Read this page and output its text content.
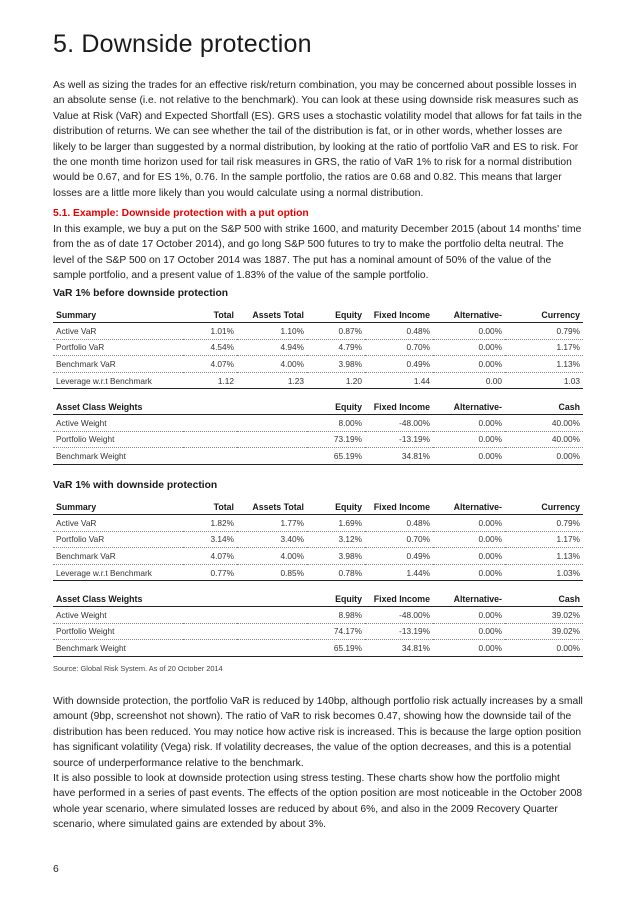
5. Downside protection

As well as sizing the trades for an effective risk/return combination, you may be concerned about possible losses in an absolute sense (i.e. not relative to the benchmark). You can look at these using downside risk measures such as Value at Risk (VaR) and Expected Shortfall (ES). GRS uses a stochastic volatility model that allows for fat tails in the distribution of returns. We can see whether the tail of the distribution is fat, or in other words, whether losses are likely to be larger than suggested by a normal distribution, by looking at the ratio of portfolio VaR and ES to risk. For the one month time horizon used for tail risk measures in GRS, the ratio of VaR 1% to risk for a normal distribution would be 0.67, and for ES 1%, 0.76. In the sample portfolio, the ratios are 0.68 and 0.82. This means that larger losses are a little more likely than you would calculate using a normal distribution.

5.1. Example: Downside protection with a put option

In this example, we buy a put on the S&P 500 with strike 1600, and maturity December 2015 (about 14 months' time from the as of date 17 October 2014), and go long S&P 500 futures to try to make the portfolio delta neutral. The level of the S&P 500 on 17 October 2014 was 1887. The put has a nominal amount of 50% of the value of the sample portfolio, and a present value of 1.83% of the value of the sample portfolio.

VaR 1% before downside protection

Summary	Total	Assets Total	Equity	Fixed Income	Alternative-	Currency
Active VaR	1.01%	1.10%	0.87%	0.48%	0.00%	0.79%
Portfolio VaR	4.54%	4.94%	4.79%	0.70%	0.00%	1.17%
Benchmark VaR	4.07%	4.00%	3.98%	0.49%	0.00%	1.13%
Leverage w.r.t Benchmark	1.12	1.23	1.20	1.44	0.00	1.03
Asset Class Weights			Equity	Fixed Income	Alternative-	Cash
Active Weight			8.00%	-48.00%	0.00%	40.00%
Portfolio Weight			73.19%	-13.19%	0.00%	40.00%
Benchmark Weight			65.19%	34.81%	0.00%	0.00%

VaR 1% with downside protection

Summary	Total	Assets Total	Equity	Fixed Income	Alternative-	Currency
Active VaR	1.82%	1.77%	1.69%	0.48%	0.00%	0.79%
Portfolio VaR	3.14%	3.40%	3.12%	0.70%	0.00%	1.17%
Benchmark VaR	4.07%	4.00%	3.98%	0.49%	0.00%	1.13%
Leverage w.r.t Benchmark	0.77%	0.85%	0.78%	1.44%	0.00%	1.03%
Asset Class Weights			Equity	Fixed Income	Alternative-	Cash
Active Weight			8.98%	-48.00%	0.00%	39.02%
Portfolio Weight			74.17%	-13.19%	0.00%	39.02%
Benchmark Weight			65.19%	34.81%	0.00%	0.00%

Source: Global Risk System. As of 20 October 2014

With downside protection, the portfolio VaR is reduced by 140bp, although portfolio risk actually increases by a small amount (9bp, screenshot not shown). The ratio of VaR to risk becomes 0.47, showing how the downside tail of the distribution has been reduced. You may notice how active risk is increased. This is because the large option position has significant volatility (Vega) risk. If volatility decreases, the value of the option decreases, and this is a potential source of underperformance relative to the benchmark.

It is also possible to look at downside protection using stress testing. These charts show how the portfolio might have performed in a series of past events. The effects of the option position are most noticeable in the October 2008 whole year scenario, where simulated losses are reduced by about 6%, and also in the 2009 Recovery Quarter scenario, where simulated gains are extended by about 3%.

6
